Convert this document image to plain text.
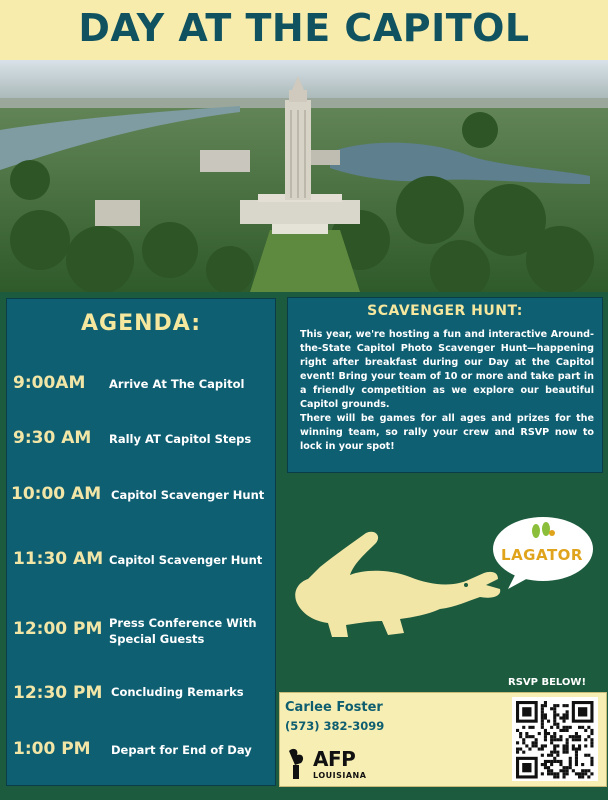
DAY AT THE CAPITOL
AGENDA:
9:00AM Arrive At The Capitol
9:30 AM Rally AT Capitol Steps
10:00 AM Capitol Scavenger Hunt
11:30 AM Capitol Scavenger Hunt
12:00 PM Press Conference With Special Guests
12:30 PM Concluding Remarks
1:00 PM Depart for End of Day
SCAVENGER HUNT:

This year, we're hosting a fun and interactive Around-the-State Capitol Photo Scavenger Hunt—happening right after breakfast during our Day at the Capitol event! Bring your team of 10 or more and take part in a friendly competition as we explore our beautiful Capitol grounds.

There will be games for all ages and prizes for the winning team, so rally your crew and RSVP now to lock in your spot!

LAGATOR
RSVP BELOW!
Carlee Foster
(573) 382-3099
AFP
LOUISIANA
